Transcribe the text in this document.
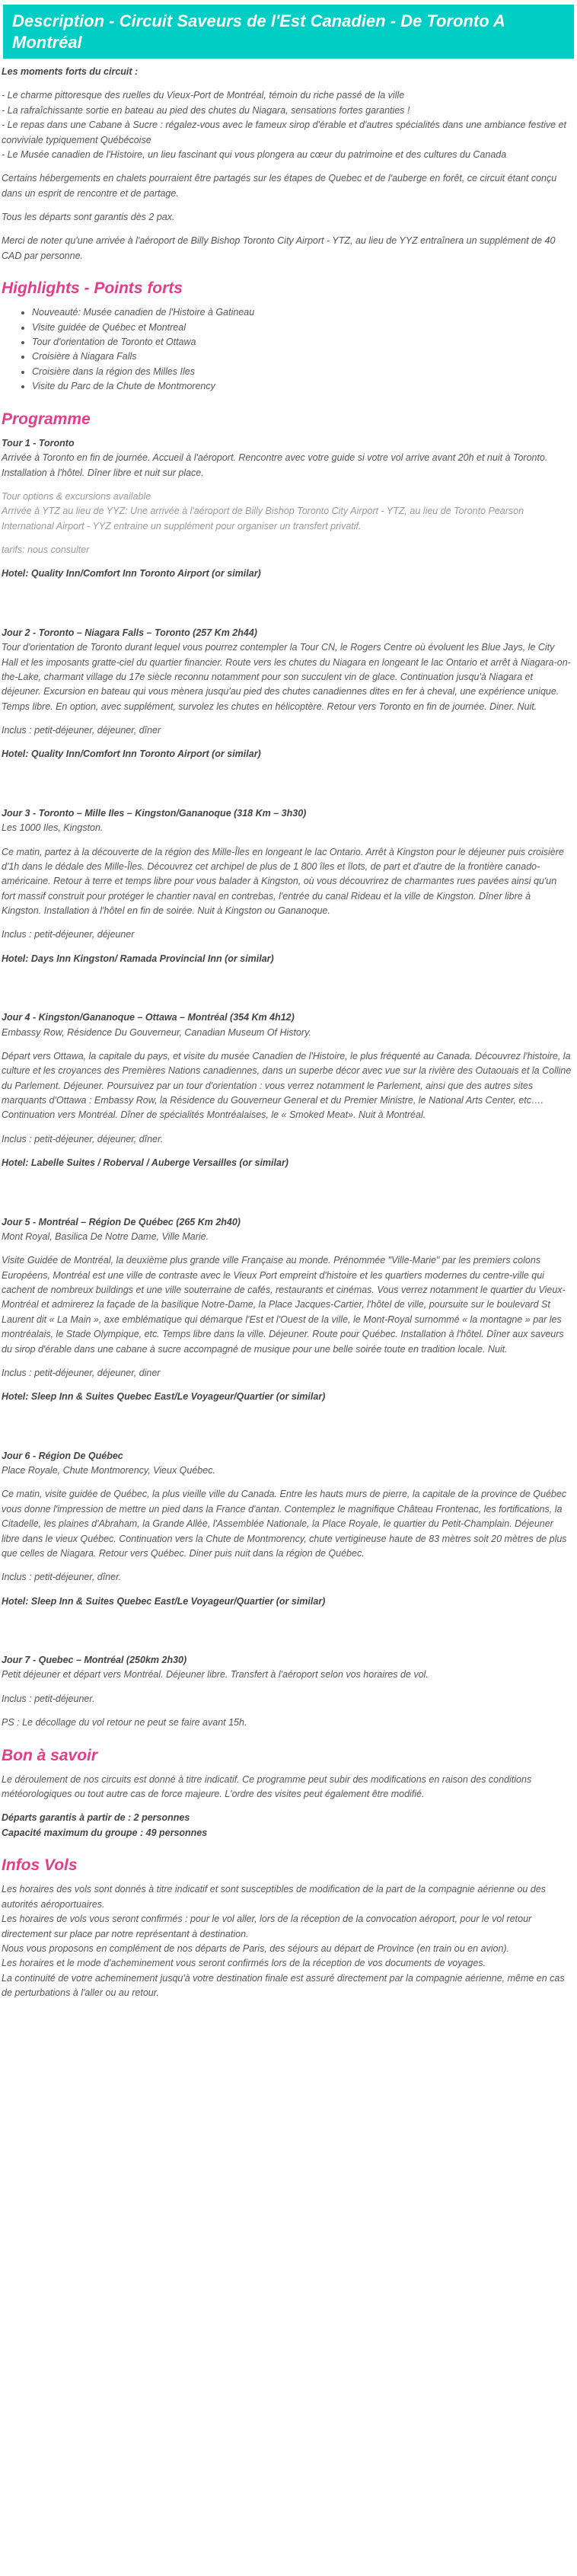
Description - Circuit Saveurs de l'Est Canadien - De Toronto A Montréal

Les moments forts du circuit :

- Le charme pittoresque des ruelles du Vieux-Port de Montréal, témoin du riche passé de la ville
- La rafraîchissante sortie en bateau au pied des chutes du Niagara, sensations fortes garanties !
- Le repas dans une Cabane à Sucre : régalez-vous avec le fameux sirop d'érable et d'autres spécialités dans une ambiance festive et conviviale typiquement Québécoise
- Le Musée canadien de l'Histoire, un lieu fascinant qui vous plongera au cœur du patrimoine et des cultures du Canada

Certains hébergements en chalets pourraient être partagés sur les étapes de Quebec et de l'auberge en forêt, ce circuit étant conçu dans un esprit de rencontre et de partage.

Tous les départs sont garantis dès 2 pax.

Merci de noter qu'une arrivée à l'aéroport de Billy Bishop Toronto City Airport - YTZ, au lieu de YYZ entraînera un supplément de 40 CAD par personne.

Highlights - Points forts
• Nouveauté: Musée canadien de l'Histoire à Gatineau
• Visite guidée de Québec et Montreal
• Tour d'orientation de Toronto et Ottawa
• Croisière à Niagara Falls
• Croisière dans la région des Milles Iles
• Visite du Parc de la Chute de Montmorency
Programme

Tour 1 - Toronto
Arrivée à Toronto en fin de journée. Accueil à l'aéroport. Rencontre avec votre guide si votre vol arrive avant 20h et nuit à Toronto. Installation à l'hôtel. Dîner libre et nuit sur place.

Tour options & excursions available
Arrivée à YTZ au lieu de YYZ: Une arrivée à l'aéroport de Billy Bishop Toronto City Airport - YTZ, au lieu de Toronto Pearson International Airport - YYZ entraine un supplément pour organiser un transfert privatif.

tarifs: nous consulter

Hotel: Quality Inn/Comfort Inn Toronto Airport (or similar)

Jour 2 - Toronto – Niagara Falls – Toronto (257 Km 2h44)
Tour d'orientation de Toronto durant lequel vous pourrez contempler la Tour CN, le Rogers Centre où évoluent les Blue Jays, le City Hall et les imposants gratte-ciel du quartier financier. Route vers les chutes du Niagara en longeant le lac Ontario et arrêt à Niagara-on-the-Lake, charmant village du 17e siècle reconnu notamment pour son succulent vin de glace. Continuation jusqu'à Niagara et déjeuner. Excursion en bateau qui vous mènera jusqu'au pied des chutes canadiennes dites en fer à cheval, une expérience unique. Temps libre. En option, avec supplément, survolez les chutes en hélicoptère. Retour vers Toronto en fin de journée. Diner. Nuit.

Inclus : petit-déjeuner, déjeuner, dîner

Hotel: Quality Inn/Comfort Inn Toronto Airport (or similar)

Jour 3 - Toronto – Mille Iles – Kingston/Gananoque (318 Km – 3h30)
Les 1000 Iles, Kingston.

Ce matin, partez à la découverte de la région des Mille-Îles en longeant le lac Ontario. Arrêt à Kingston pour le déjeuner puis croisière d'1h dans le dédale des Mille-Îles. Découvrez cet archipel de plus de 1 800 îles et îlots, de part et d'autre de la frontière canado-américaine. Retour à terre et temps libre pour vous balader à Kingston, où vous découvrirez de charmantes rues pavées ainsi qu'un fort massif construit pour protéger le chantier naval en contrebas, l'entrée du canal Rideau et la ville de Kingston. Dîner libre à Kingston. Installation à l'hôtel en fin de soirée. Nuit à Kingston ou Gananoque.

Inclus : petit-déjeuner, déjeuner

Hotel: Days Inn Kingston/ Ramada Provincial Inn (or similar)

Jour 4 - Kingston/Gananoque – Ottawa – Montréal (354 Km 4h12)
Embassy Row, Résidence Du Gouverneur, Canadian Museum Of History.

Départ vers Ottawa, la capitale du pays, et visite du musée Canadien de l'Histoire, le plus fréquenté au Canada. Découvrez l'histoire, la culture et les croyances des Premières Nations canadiennes, dans un superbe décor avec vue sur la rivière des Outaouais et la Colline du Parlement. Déjeuner. Poursuivez par un tour d'orientation : vous verrez notamment le Parlement, ainsi que des autres sites marquants d'Ottawa : Embassy Row, la Résidence du Gouverneur General et du Premier Ministre, le National Arts Center, etc…. Continuation vers Montréal. Dîner de spécialités Montréalaises, le « Smoked Meat». Nuit à Montréal.

Inclus : petit-déjeuner, déjeuner, dîner.

Hotel: Labelle Suites / Roberval / Auberge Versailles (or similar)

Jour 5 - Montréal – Région De Québec (265 Km 2h40)
Mont Royal, Basilica De Notre Dame, Ville Marie.

Visite Guidée de Montréal, la deuxième plus grande ville Française au monde. Prénommée "Ville-Marie" par les premiers colons Européens, Montréal est une ville de contraste avec le Vieux Port empreint d'histoire et les quartiers modernes du centre-ville qui cachent de nombreux buildings et une ville souterraine de cafés, restaurants et cinémas. Vous verrez notamment le quartier du Vieux-Montréal et admirerez la façade de la basilique Notre-Dame, la Place Jacques-Cartier, l'hôtel de ville, poursuite sur le boulevard St Laurent dit « La Main », axe emblématique qui démarque l'Est et l'Ouest de la ville, le Mont-Royal surnommé « la montagne » par les montréalais, le Stade Olympique, etc. Temps libre dans la ville. Déjeuner. Route pour Québec. Installation à l'hôtel. Dîner aux saveurs du sirop d'érable dans une cabane à sucre accompagné de musique pour une belle soirée toute en tradition locale. Nuit.

Inclus : petit-déjeuner, déjeuner, diner

Hotel: Sleep Inn & Suites Quebec East/Le Voyageur/Quartier (or similar)

Jour 6 - Région De Québec
Place Royale, Chute Montmorency, Vieux Québec.

Ce matin, visite guidée de Québec, la plus vieille ville du Canada. Entre les hauts murs de pierre, la capitale de la province de Québec vous donne l'impression de mettre un pied dans la France d'antan. Contemplez le magnifique Château Frontenac, les fortifications, la Citadelle, les plaines d'Abraham, la Grande Allée, l'Assemblée Nationale, la Place Royale, le quartier du Petit-Champlain. Déjeuner libre dans le vieux Québec. Continuation vers la Chute de Montmorency, chute vertigineuse haute de 83 mètres soit 20 mètres de plus que celles de Niagara. Retour vers Québec. Diner puis nuit dans la région de Québec.

Inclus : petit-déjeuner, dîner.

Hotel: Sleep Inn & Suites Quebec East/Le Voyageur/Quartier (or similar)

Jour 7 - Quebec – Montréal (250km 2h30)
Petit déjeuner et départ vers Montréal. Déjeuner libre. Transfert à l'aéroport selon vos horaires de vol.

Inclus : petit-déjeuner.

PS : Le décollage du vol retour ne peut se faire avant 15h.

Bon à savoir

Le déroulement de nos circuits est donné à titre indicatif. Ce programme peut subir des modifications en raison des conditions météorologiques ou tout autre cas de force majeure. L'ordre des visites peut également être modifié.

Départs garantis à partir de : 2 personnes
Capacité maximum du groupe : 49 personnes

Infos Vols

Les horaires des vols sont donnés à titre indicatif et sont susceptibles de modification de la part de la compagnie aérienne ou des autorités aéroportuaires.
Les horaires de vols vous seront confirmés : pour le vol aller, lors de la réception de la convocation aéroport, pour le vol retour directement sur place par notre représentant à destination.
Nous vous proposons en complément de nos départs de Paris, des séjours au départ de Province (en train ou en avion).
Les horaires et le mode d'acheminement vous seront confirmés lors de la réception de vos documents de voyages.
La continuité de votre acheminement jusqu'à votre destination finale est assuré directement par la compagnie aérienne, même en cas de perturbations à l'aller ou au retour.
